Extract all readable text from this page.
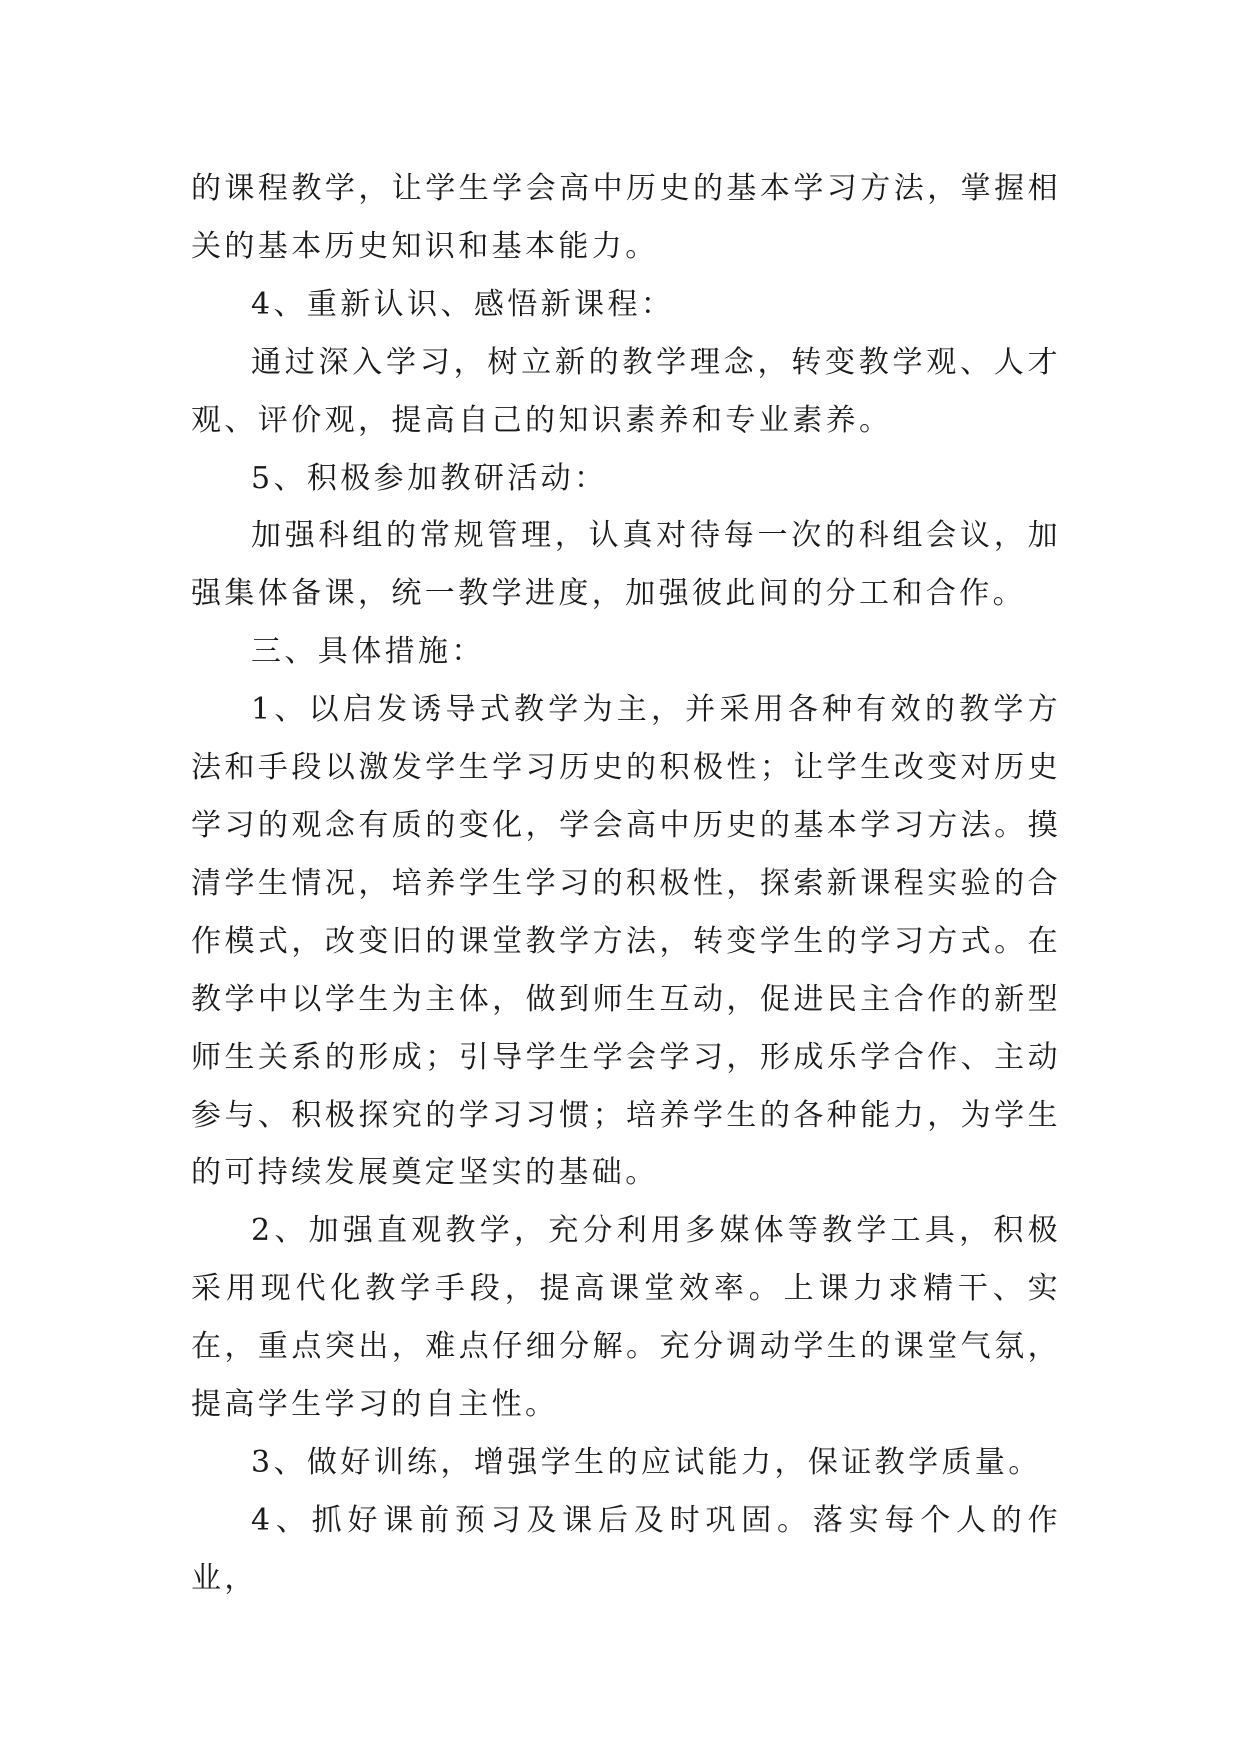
的课程教学，让学生学会高中历史的基本学习方法，掌握相关的基本历史知识和基本能力。

4、重新认识、感悟新课程：

通过深入学习，树立新的教学理念，转变教学观、人才观、评价观，提高自己的知识素养和专业素养。

5、积极参加教研活动：

加强科组的常规管理，认真对待每一次的科组会议，加强集体备课，统一教学进度，加强彼此间的分工和合作。

三、具体措施：

1、以启发诱导式教学为主，并采用各种有效的教学方法和手段以激发学生学习历史的积极性；让学生改变对历史学习的观念有质的变化，学会高中历史的基本学习方法。摸清学生情况，培养学生学习的积极性，探索新课程实验的合作模式，改变旧的课堂教学方法，转变学生的学习方式。在教学中以学生为主体，做到师生互动，促进民主合作的新型师生关系的形成；引导学生学会学习，形成乐学合作、主动参与、积极探究的学习习惯；培养学生的各种能力，为学生的可持续发展奠定坚实的基础。

2、加强直观教学，充分利用多媒体等教学工具，积极采用现代化教学手段，提高课堂效率。上课力求精干、实在，重点突出，难点仔细分解。充分调动学生的课堂气氛，提高学生学习的自主性。

3、做好训练，增强学生的应试能力，保证教学质量。

4、抓好课前预习及课后及时巩固。落实每个人的作业，
